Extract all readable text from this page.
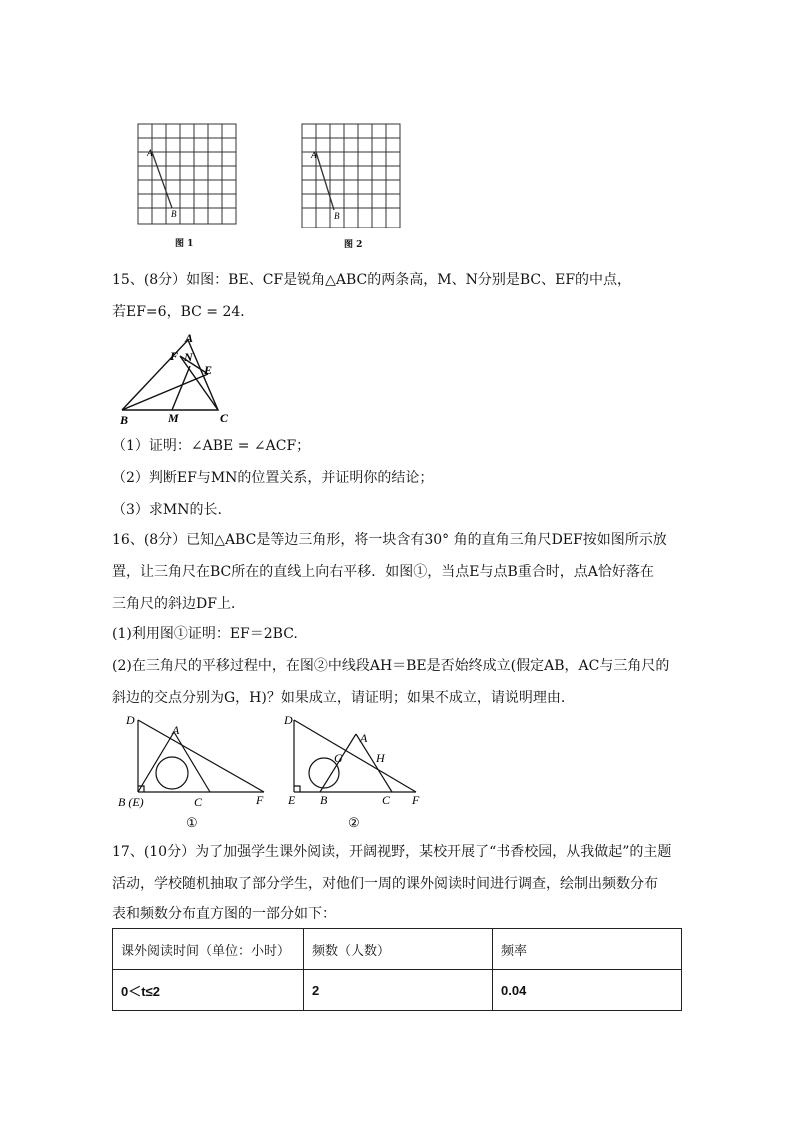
A
B
图 1
A
B
图 2
15、(8分）如图：BE、CF是锐角△ABC的两条高，M、N分别是BC、EF的中点，
若EF=6，BC = 24．
A
F N
E
B	M	C
（1）证明：∠ABE = ∠ACF；
（2）判断EF与MN的位置关系，并证明你的结论；
（3）求MN的长.
16、(8分）已知△ABC是等边三角形，将一块含有30° 角的直角三角尺DEF按如图所示放
置，让三角尺在BC所在的直线上向右平移．如图①，当点E与点B重合时，点A恰好落在
三角尺的斜边DF上．
(1)利用图①证明：EF＝2BC.
(2)在三角尺的平移过程中，在图②中线段AH＝BE是否始终成立(假定AB，AC与三角尺的
斜边的交点分别为G，H)？如果成立，请证明；如果不成立，请说明理由.
D
A
B (E)	C	F
①
D
A
G	H
E B	C F
②
17、(10分）为了加强学生课外阅读，开阔视野，某校开展了“书香校园，从我做起”的主题
活动，学校随机抽取了部分学生，对他们一周的课外阅读时间进行调查，绘制出频数分布
表和频数分布直方图的一部分如下：
课外阅读时间（单位：小时）	频数（人数）	频率
0＜t≤2	2	0.04
